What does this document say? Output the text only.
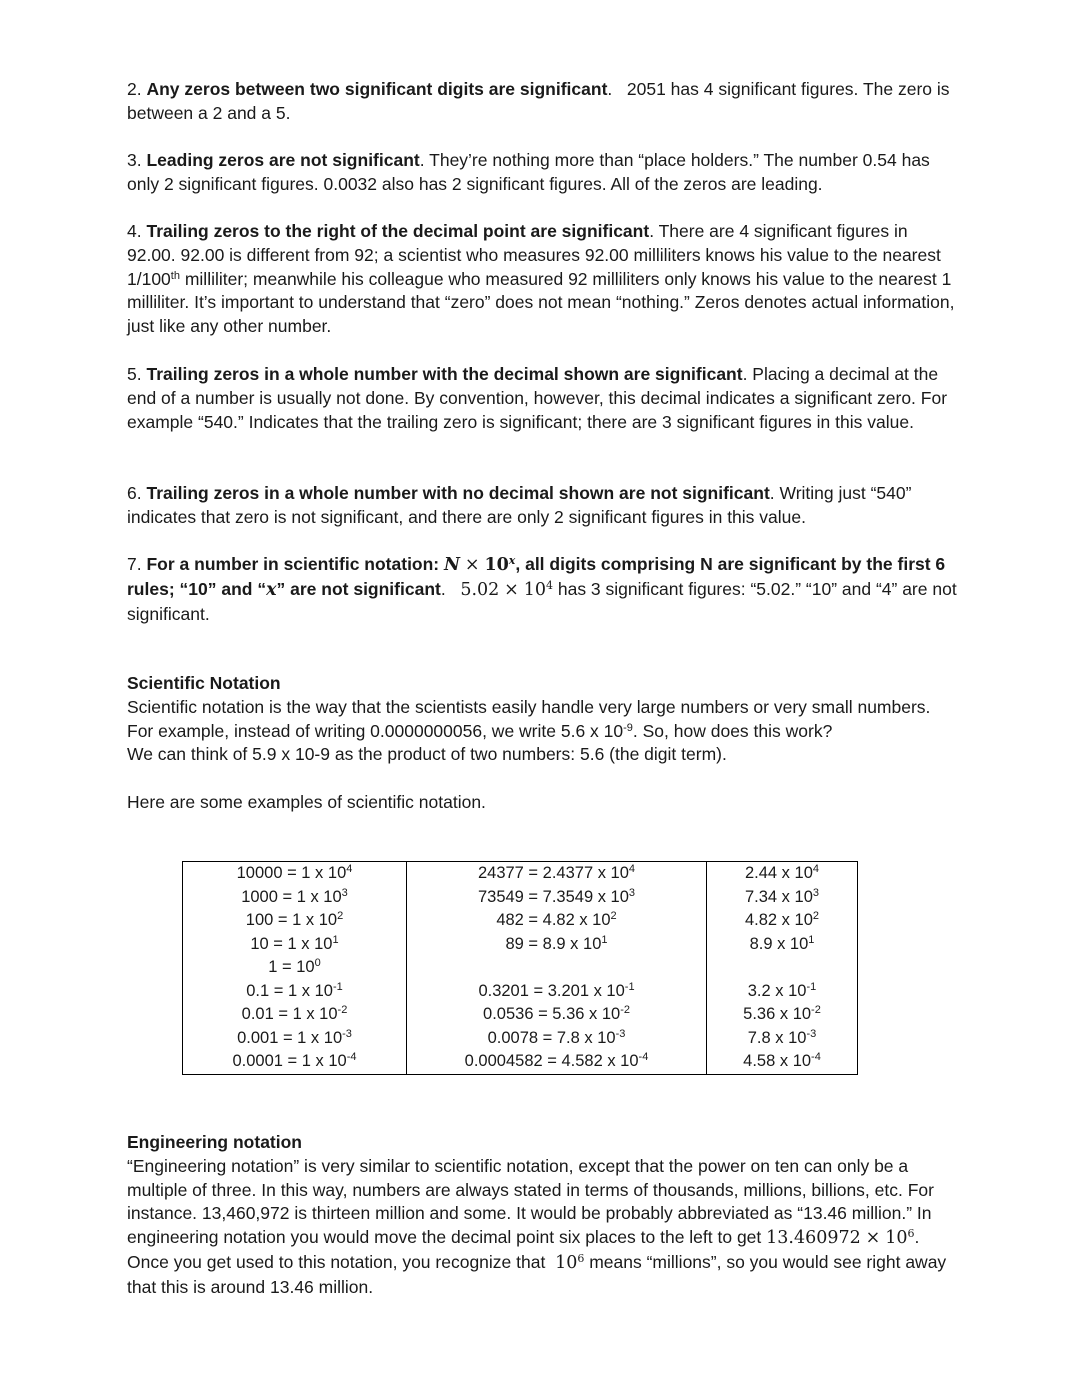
2. Any zeros between two significant digits are significant. 2051 has 4 significant figures. The zero is between a 2 and a 5.

3. Leading zeros are not significant. They’re nothing more than “place holders.” The number 0.54 has only 2 significant figures. 0.0032 also has 2 significant figures. All of the zeros are leading.

4. Trailing zeros to the right of the decimal point are significant. There are 4 significant figures in 92.00. 92.00 is different from 92; a scientist who measures 92.00 milliliters knows his value to the nearest 1/100th milliliter; meanwhile his colleague who measured 92 milliliters only knows his value to the nearest 1 milliliter. It’s important to understand that “zero” does not mean “nothing.” Zeros denotes actual information, just like any other number.

5. Trailing zeros in a whole number with the decimal shown are significant. Placing a decimal at the end of a number is usually not done. By convention, however, this decimal indicates a significant zero. For example “540.” Indicates that the trailing zero is significant; there are 3 significant figures in this value.

6. Trailing zeros in a whole number with no decimal shown are not significant. Writing just “540” indicates that zero is not significant, and there are only 2 significant figures in this value.

7. For a number in scientific notation: $N \times 10^x$, all digits comprising N are significant by the first 6 rules; “10” and “x” are not significant. $5.02 \times 10^4$ has 3 significant figures: “5.02.” “10” and “4” are not significant.

Scientific Notation

Scientific notation is the way that the scientists easily handle very large numbers or very small numbers. For example, instead of writing 0.0000000056, we write 5.6 x $10^{-9}$. So, how does this work?

We can think of 5.9 x 10-9 as the product of two numbers: 5.6 (the digit term).

Here are some examples of scientific notation.

10000 = 1 x $10^4$	24377 = 2.4377 x $10^4$	2.44 x $10^4$
1000 = 1 x $10^3$	73549 = 7.3549 x $10^3$	7.34 x $10^3$
100 = 1 x $10^2$	482 = 4.82 x $10^2$	4.82 x $10^2$
10 = 1 x $10^1$	89 = 8.9 x $10^1$	8.9 x $10^1$
$1 = 10^0$		
0.1 = 1 x $10^{-1}$	0.3201 = 3.201 x $10^{-1}$	3.2 x $10^{-1}$
0.01 = 1 x $10^{-2}$	0.0536 = 5.36 x $10^{-2}$	5.36 x $10^{-2}$
0.001 = 1 x $10^{-3}$	0.0078 = 7.8 x $10^{-3}$	7.8 x $10^{-3}$
0.0001 = 1 x $10^{-4}$	0.0004582 = 4.582 x $10^{-4}$	4.58 x $10^{-4}$

Engineering notation

“Engineering notation” is very similar to scientific notation, except that the power on ten can only be a multiple of three. In this way, numbers are always stated in terms of thousands, millions, billions, etc. For instance. 13,460,972 is thirteen million and some. It would be probably abbreviated as “13.46 million.” In engineering notation you would move the decimal point six places to the left to get $13.460972 \times 10^6$. Once you get used to this notation, you recognize that $10^6$ means “millions”, so you would see right away that this is around 13.46 million.
